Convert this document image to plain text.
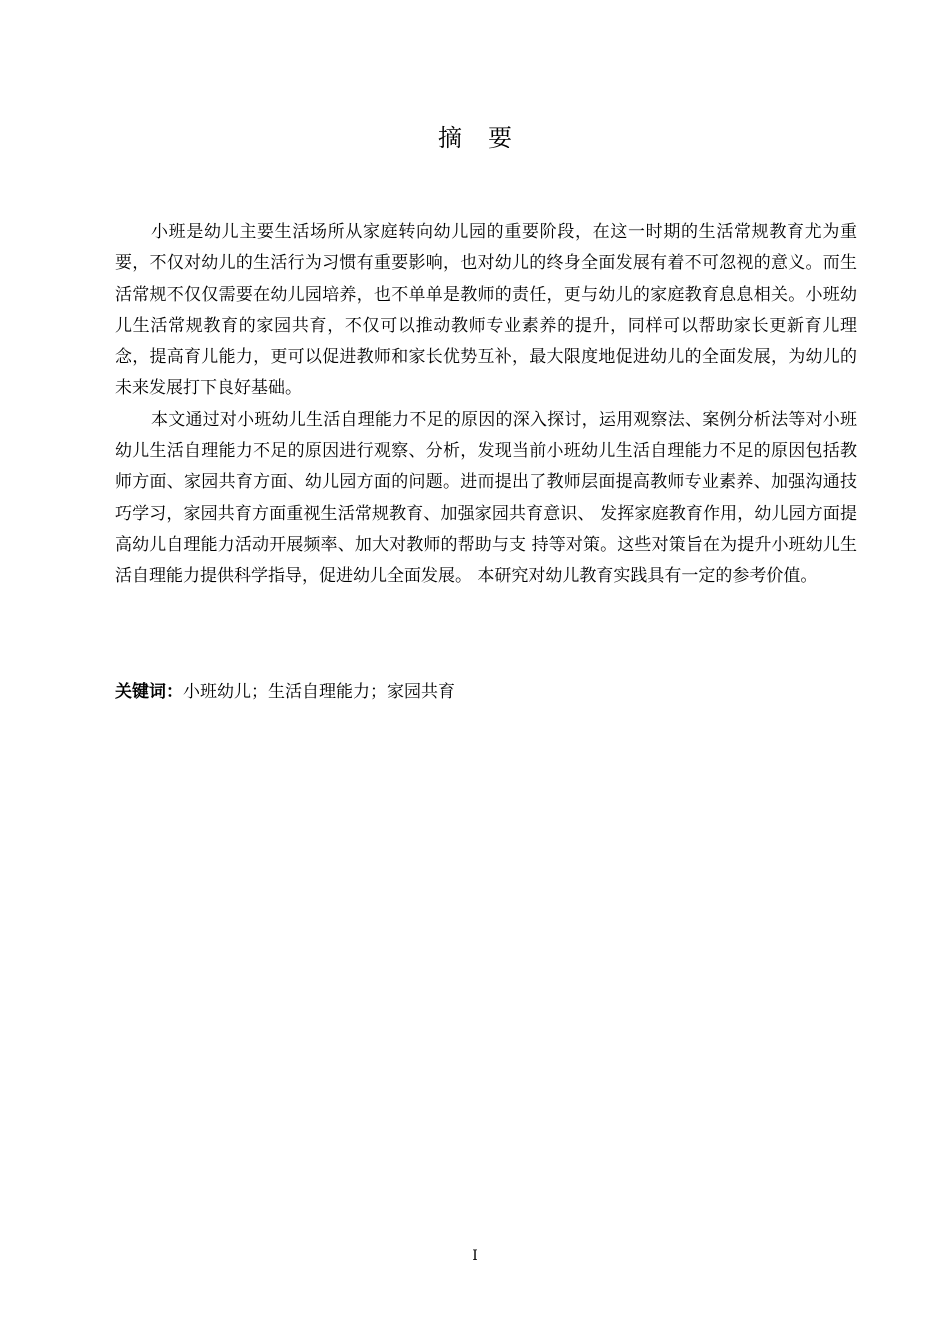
摘要

小班是幼儿主要生活场所从家庭转向幼儿园的重要阶段，在这一时期的生活常规教育尤为重要，不仅对幼儿的生活行为习惯有重要影响，也对幼儿的终身全面发展有着不可忽视的意义。而生活常规不仅仅需要在幼儿园培养，也不单单是教师的责任，更与幼儿的家庭教育息息相关。小班幼儿生活常规教育的家园共育，不仅可以推动教师专业素养的提升，同样可以帮助家长更新育儿理念，提高育儿能力，更可以促进教师和家长优势互补，最大限度地促进幼儿的全面发展，为幼儿的未来发展打下良好基础。

本文通过对小班幼儿生活自理能力不足的原因的深入探讨，运用观察法、案例分析法等对小班幼儿生活自理能力不足的原因进行观察、分析，发现当前小班幼儿生活自理能力不足的原因包括教师方面、家园共育方面、幼儿园方面的问题。进而提出了教师层面提高教师专业素养、加强沟通技巧学习，家园共育方面重视生活常规教育、加强家园共育意识、 发挥家庭教育作用，幼儿园方面提高幼儿自理能力活动开展频率、加大对教师的帮助与支 持等对策。这些对策旨在为提升小班幼儿生活自理能力提供科学指导，促进幼儿全面发展。 本研究对幼儿教育实践具有一定的参考价值。

关键词：小班幼儿；生活自理能力；家园共育

I
